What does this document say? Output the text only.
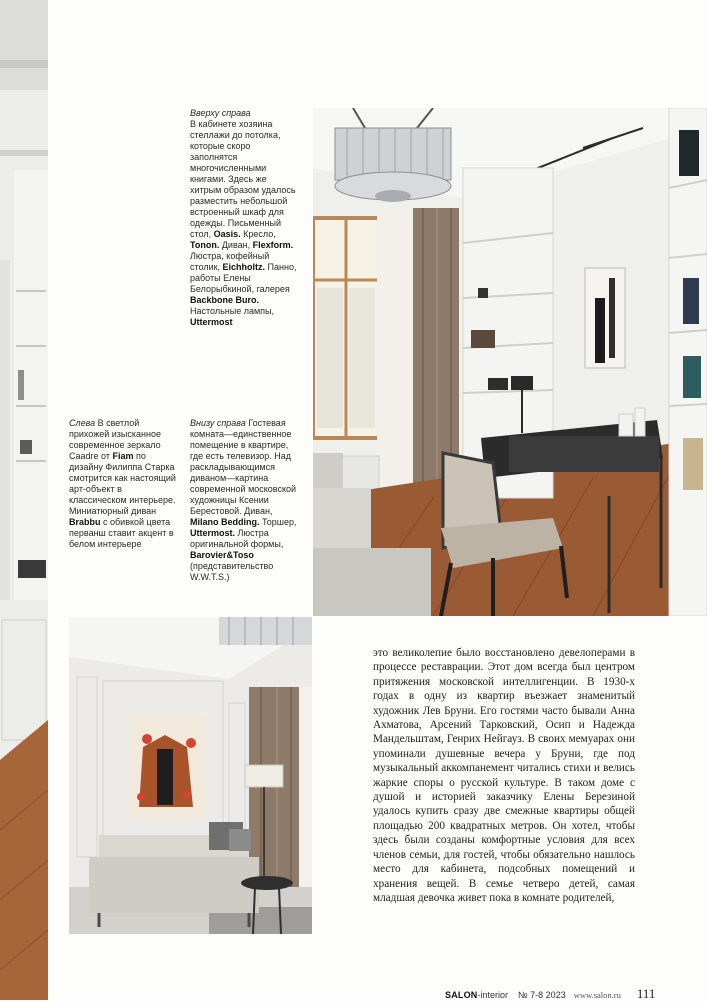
Вверху справа
В кабинете хозяина стеллажи до потолка, которые скоро заполнятся многочисленными книгами. Здесь же хитрым образом удалось разместить небольшой встроенный шкаф для одежды. Письменный стол, Oasis. Кресло, Tonon. Диван, Flexform. Люстра, кофейный столик, Eichholtz. Панно, работы Елены Белорыбкиной, галерея Backbone Buro. Настольные лампы, Uttermost

Слева В светлой прихожей изысканное современное зеркало Caadre от Fiam по дизайну Филиппа Старка смотрится как настоящий арт-объект в классическом интерьере. Миниатюрный диван Brabbu с обивкой цвета перванш ставит акцент в белом интерьере

Внизу справа Гостевая комната—единственное помещение в квартире, где есть телевизор. Над раскладывающимся диваном—картина современной московской художницы Ксении Берестовой. Диван, Milano Bedding. Торшер, Uttermost. Люстра оригинальной формы, Barovier&Toso (представительство W.W.T.S.)

это великолепие было восстановлено девелоперами в процессе реставрации. Этот дом всегда был центром притяжения московской интеллигенции. В 1930-х годах в одну из квартир въезжает знаменитый художник Лев Бруни. Его гостями часто бывали Анна Ахматова, Арсений Тарковский, Осип и Надежда Мандельштам, Генрих Нейгауз. В своих мемуарах они упоминали душевные вечера у Бруни, где под музыкальный аккомпанемент читались стихи и велись жаркие споры о русской культуре. В таком доме с душой и историей заказчику Елены Березиной удалось купить сразу две смежные квартиры общей площадью 200 квадратных метров. Он хотел, чтобы здесь были созданы комфортные условия для всех членов семьи, для гостей, чтобы обязательно нашлось место для кабинета, подсобных помещений и хранения вещей. В семье четверо детей, самая младшая девочка живет пока в комнате родителей,
SALON -interior № 7-8 2023 www.salon.ru 111
